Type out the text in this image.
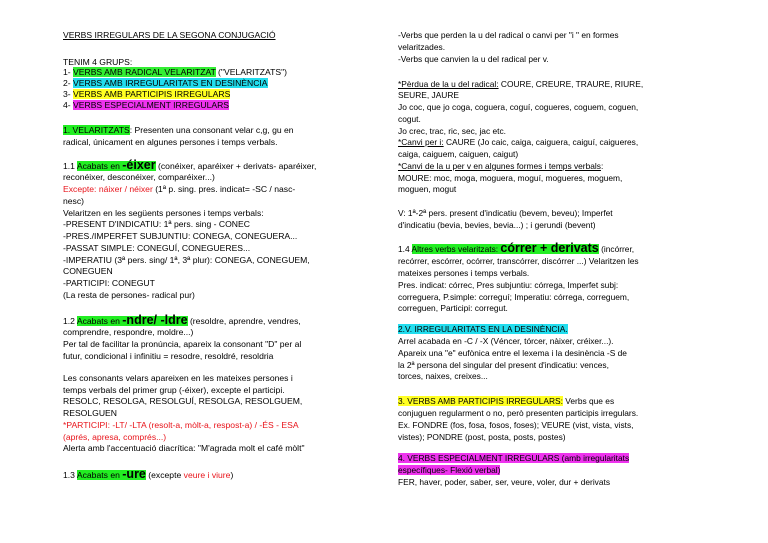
VERBS IRREGULARS DE LA SEGONA CONJUGACIÓ
TENIM 4 GRUPS:
1- VERBS AMB RADICAL VELARITZAT ("VELARITZATS")
2- VERBS AMB IRREGULARITATS EN DESINÈNCIA
3- VERBS AMB PARTICIPIS IRREGULARS
4- VERBS ESPECIALMENT IRREGULARS
1. VELARITZATS: Presenten una consonant velar c,g, gu en
radical, únicament en algunes persones i temps verbals.
1.1 Acabats en -éixer (conéixer, aparéixer + derivats- aparéixer,
reconéixer, desconéixer, comparéixer...)
Excepte: náixer / néixer (1ª p. sing. pres. indicat= -SC / nasc-
nesc)
Velaritzen en les següents persones i temps verbals:
-PRESENT D'INDICATIU: 1ª pers. sing - CONEC
-PRES./IMPERFET SUBJUNTIU: CONEGA, CONEGUERA...
-PASSAT SIMPLE: CONEGUÍ, CONEGUERES...
-IMPERATIU (3ª pers. sing/ 1ª, 3ª plur): CONEGA, CONEGUEM,
CONEGUEN
-PARTICIPI: CONEGUT
(La resta de persones- radical pur)
1.2 Acabats en -ndre/ -ldre (resoldre, aprendre, vendres,
comprendre, respondre, moldre...)
Per tal de facilitar la pronúncia, apareix la consonant "D" per al
futur, condicional i infinitiu = resodre, resoldré, resoldria
Les consonants velars apareixen en les mateixes persones i
temps verbals del primer grup (-éixer), excepte el participi.
RESOLC, RESOLGA, RESOLGUÍ, RESOLGA, RESOLGUEM,
RESOLGUEN
*PARTICIPI: -LT/ -LTA (resolt-a, mòlt-a, respost-a) / -ÉS - ESA
(aprés, apresa, comprés...)
Alerta amb l'accentuació diacrítica: "M'agrada molt el café mòlt"
1.3 Acabats en -ure (excepte veure i viure)
-Verbs que perden la u del radical o canvi per "i " en formes
velaritzades.
-Verbs que canvien la u del radical per v.
*Pèrdua de la u del radical: COURE, CREURE, TRAURE, RIURE,
SEURE, JAURE
Jo coc, que jo coga, coguera, coguí, cogueres, coguem, coguen,
cogut.
Jo crec, trac, ric, sec, jac etc.
*Canvi per i: CAURE (Jo caic, caiga, caiguera, caiguí, caigueres,
caiga, caiguem, caiguen, caigut)
*Canvi de la u per v en algunes formes i temps verbals:
MOURE: moc, moga, moguera, moguí, mogueres, moguem,
moguen, mogut
V: 1ª-2ª pers. present d'indicatiu (bevem, beveu); Imperfet
d'indicatiu (bevia, bevies, bevia...) ; i gerundi (bevent)
1.4 Altres verbs velaritzats: córrer + derivats (incórrer,
recórrer, escórrer, ocórrer, transcórrer, discórrer ...) Velaritzen les
mateixes persones i temps verbals.
Pres. indicat: córrec, Pres subjuntiu: córrega, Imperfet subj:
correguera, P.simple: correguí; Imperatiu: córrega, correguem,
correguen, Participi: corregut.
2.V. IRREGULARITATS EN LA DESINÈNCIA.
Arrel acabada en -C / -X (Véncer, tórcer, nàixer, créixer...).
Apareix una "e" eufònica entre el lexema i la desinència -S de
la 2ª persona del singular del present d'indicatiu: vences,
torces, naixes, creixes...
3. VERBS AMB PARTICIPIS IRREGULARS: Verbs que es
conjuguen regularment o no, però presenten participis irregulars.
Ex. FONDRE (fos, fosa, fosos, foses); VEURE (vist, vista, vists,
vistes); PONDRE (post, posta, posts, postes)
4. VERBS ESPECIALMENT IRREGULARS (amb irregularitats
específiques- Flexió verbal)
FER, haver, poder, saber, ser, veure, voler, dur + derivats
